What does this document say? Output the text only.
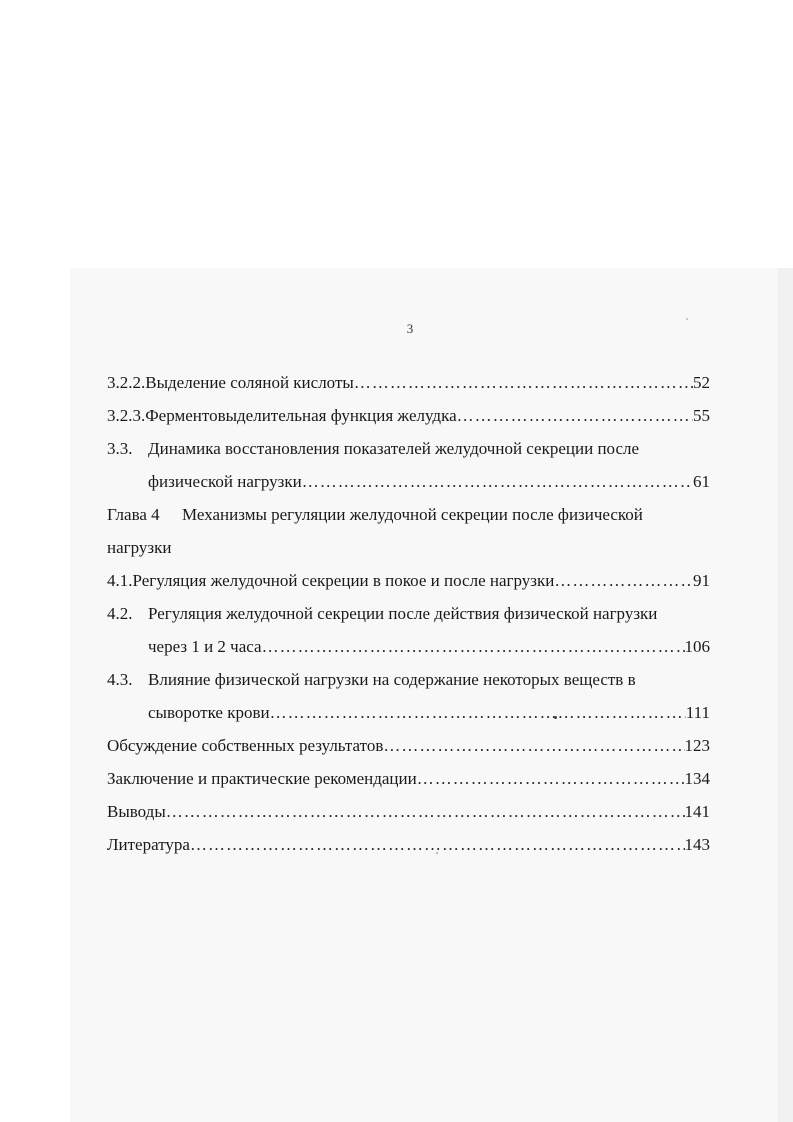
3
3.2.2. Выделение соляной кислоты ……………………………………………………………………………………………………………………………………………	52
3.2.3. Ферментовыделительная функция желудка ……………………………………………………………………………………………………………………………………………	55
3.3. Динамика восстановления показателей желудочной секреции после
физической нагрузки ……………………………………………………………………………………………………………………………………………	61
Глава 4	Механизмы регуляции желудочной секреции после физической
нагрузки
4.1. Регуляция желудочной секреции в покое и после нагрузки ……………………………………………………………………………………………………………………………………………	91
4.2. Регуляция желудочной секреции после действия физической нагрузки
через 1 и 2 часа ……………………………………………………………………………………………………………………………………………	106
4.3. Влияние физической нагрузки на содержание некоторых веществ в
сыворотке крови ……………………………………………………………………………………………………………………………………………	111
Обсуждение собственных результатов ……………………………………………………………………………………………………………………………………………	123
Заключение и практические рекомендации ……………………………………………………………………………………………………………………………………………	134
Выводы ……………………………………………………………………………………………………………………………………………	141
Литература ……………………………………………………………………………………………………………………………………………	143
